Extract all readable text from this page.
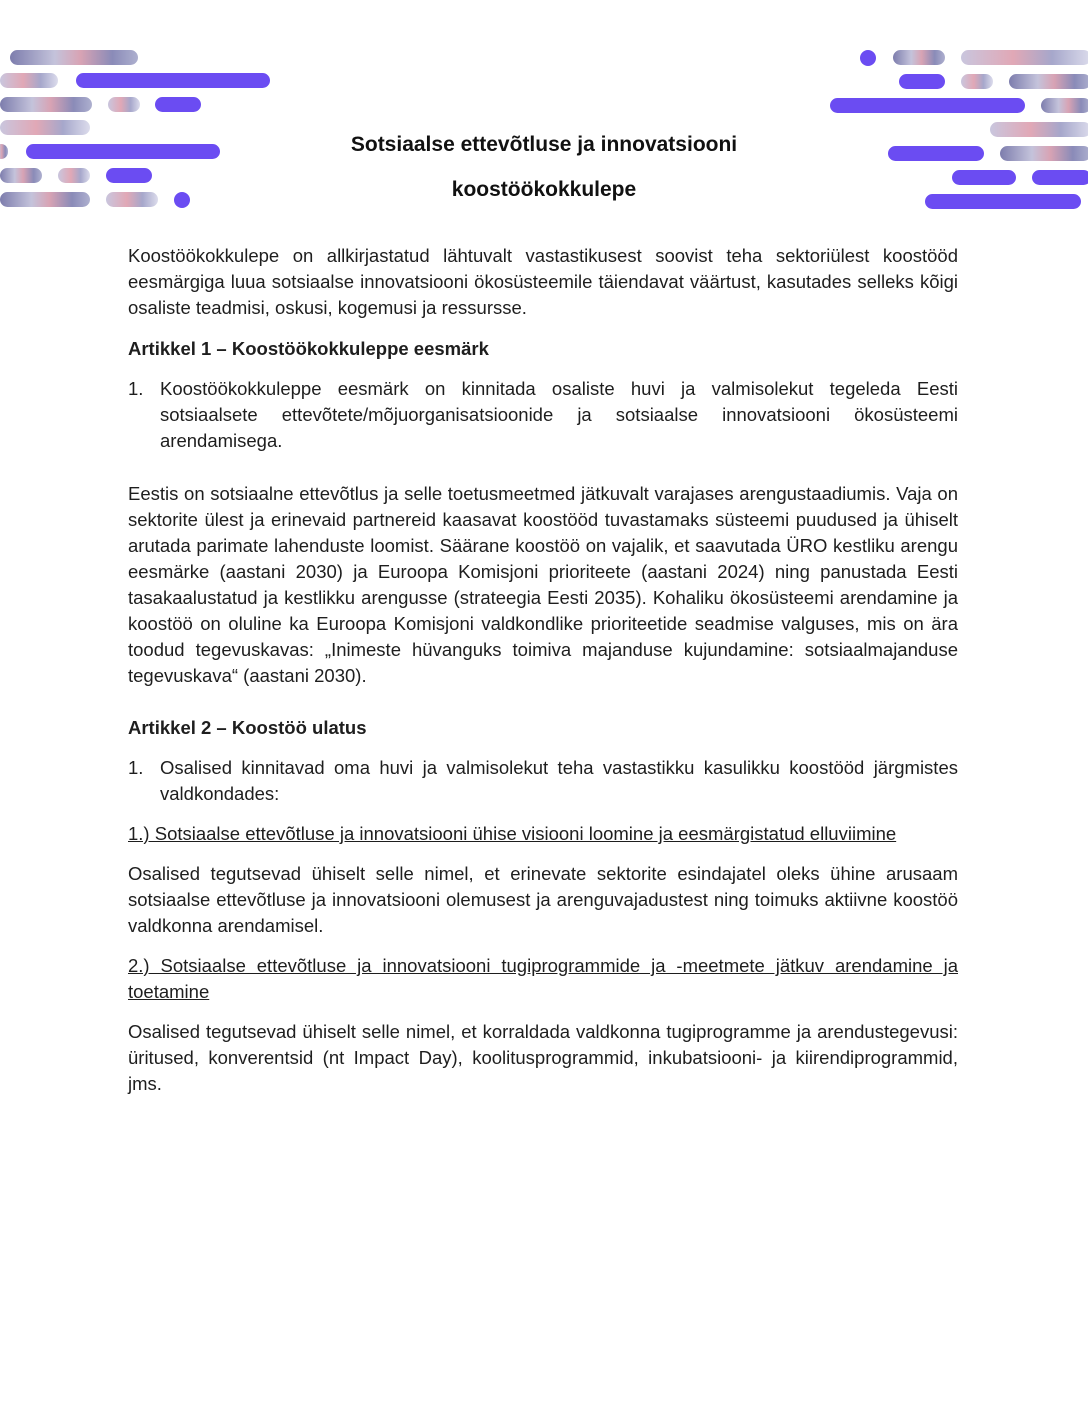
Sotsiaalse ettevõtluse ja innovatsiooni
koostöökokkulepe

Koostöökokkulepe on allkirjastatud lähtuvalt vastastikusest soovist teha sektoriülest koostööd eesmärgiga luua sotsiaalse innovatsiooni ökosüsteemile täiendavat väärtust, kasutades selleks kõigi osaliste teadmisi, oskusi, kogemusi ja ressursse.

Artikkel 1 – Koostöökokkuleppe eesmärk

1. Koostöökokkuleppe eesmärk on kinnitada osaliste huvi ja valmisolekut tegeleda Eesti sotsiaalsete ettevõtete/mõjuorganisatsioonide ja sotsiaalse innovatsiooni ökosüsteemi arendamisega.

Eestis on sotsiaalne ettevõtlus ja selle toetusmeetmed jätkuvalt varajases arengustaadiumis. Vaja on sektorite ülest ja erinevaid partnereid kaasavat koostööd tuvastamaks süsteemi puudused ja ühiselt arutada parimate lahenduste loomist. Säärane koostöö on vajalik, et saavutada ÜRO kestliku arengu eesmärke (aastani 2030) ja Euroopa Komisjoni prioriteete (aastani 2024) ning panustada Eesti tasakaalustatud ja kestlikku arengusse (strateegia Eesti 2035). Kohaliku ökosüsteemi arendamine ja koostöö on oluline ka Euroopa Komisjoni valdkondlike prioriteetide seadmise valguses, mis on ära toodud tegevuskavas: „Inimeste hüvanguks toimiva majanduse kujundamine: sotsiaalmajanduse tegevuskava“ (aastani 2030).

Artikkel 2 – Koostöö ulatus

1. Osalised kinnitavad oma huvi ja valmisolekut teha vastastikku kasulikku koostööd järgmistes valdkondades:

1.) Sotsiaalse ettevõtluse ja innovatsiooni ühise visiooni loomine ja eesmärgistatud elluviimine

Osalised tegutsevad ühiselt selle nimel, et erinevate sektorite esindajatel oleks ühine arusaam sotsiaalse ettevõtluse ja innovatsiooni olemusest ja arenguvajadustest ning toimuks aktiivne koostöö valdkonna arendamisel.

2.) Sotsiaalse ettevõtluse ja innovatsiooni tugiprogrammide ja -meetmete jätkuv arendamine ja toetamine

Osalised tegutsevad ühiselt selle nimel, et korraldada valdkonna tugiprogramme ja arendustegevusi: üritused, konverentsid (nt Impact Day), koolitusprogrammid, inkubatsiooni- ja kiirendiprogrammid, jms.
